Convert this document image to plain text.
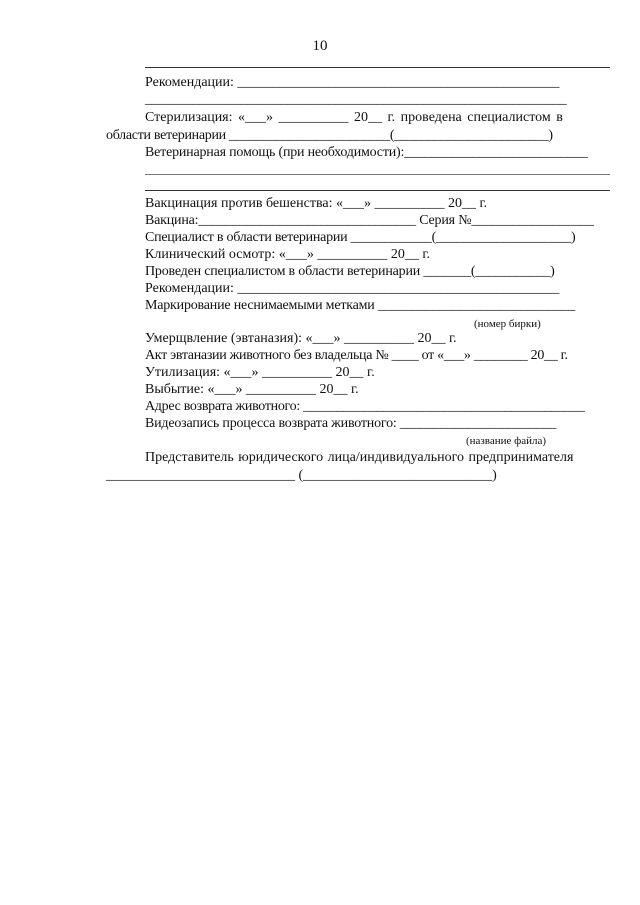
10
Рекомендации: ______________________________________________
______________________________________________________________
Стерилизация: «___» __________ 20__ г. проведена специалистом в
области ветеринарии ________________________(_______________________)
Ветеринарная помощь (при необходимости):___________________________
Вакцинация против бешенства: «___» __________ 20__ г.
Вакцина:________________________________ Серия №__________________
Специалист в области ветеринарии ____________(____________________)
Клинический осмотр: «___» __________ 20__ г.
Проведен специалистом в области ветеринарии _______(___________)
Рекомендации: ______________________________________________
Маркирование неснимаемыми метками _____________________________
(номер бирки)
Умерщвление (эвтаназия): «___» __________ 20__ г.
Акт эвтаназии животного без владельца № ____ от «___» ________ 20__ г.
Утилизация: «___» __________ 20__ г.
Выбытие: «___» __________ 20__ г.
Адрес возврата животного: __________________________________________
Видеозапись процесса возврата животного: _______________________
(название файла)
Представитель юридического лица/индивидуального предпринимателя
___________________________ (___________________________)
